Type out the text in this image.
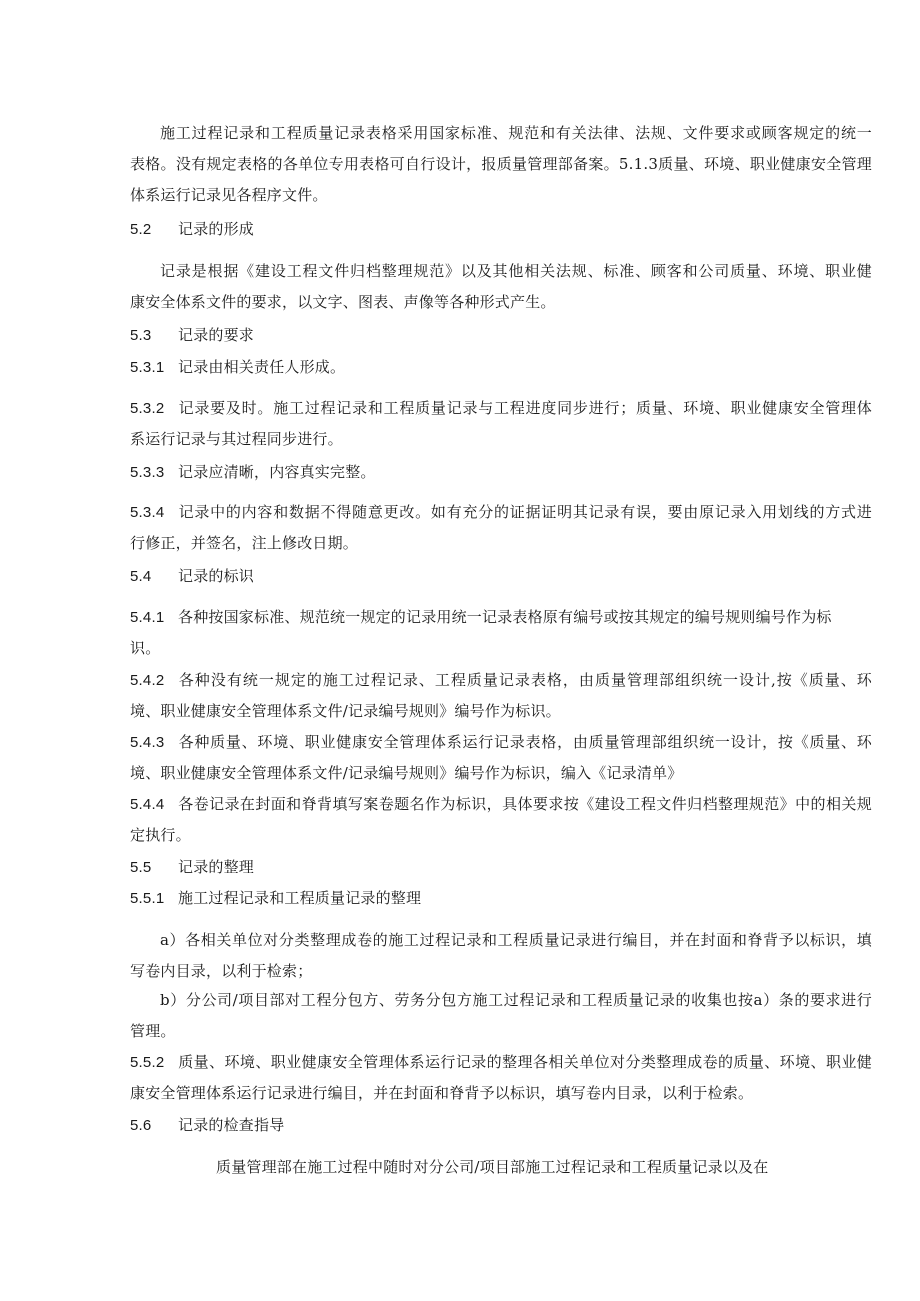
施工过程记录和工程质量记录表格采用国家标准、规范和有关法律、法规、文件要求或顾客规定的统一
表格。没有规定表格的各单位专用表格可自行设计，报质量管理部备案。5.1.3质量、环境、职业健康安全管理
体系运行记录见各程序文件。
5.2 记录的形成
记录是根据《建设工程文件归档整理规范》以及其他相关法规、标准、顾客和公司质量、环境、职业健
康安全体系文件的要求，以文字、图表、声像等各种形式产生。
5.3 记录的要求
5.3.1 记录由相关责任人形成。
5.3.2 记录要及时。施工过程记录和工程质量记录与工程进度同步进行；质量、环境、职业健康安全管理体
系运行记录与其过程同步进行。
5.3.3 记录应清晰，内容真实完整。
5.3.4 记录中的内容和数据不得随意更改。如有充分的证据证明其记录有误，要由原记录入用划线的方式进
行修正，并签名，注上修改日期。
5.4 记录的标识
5.4.1 各种按国家标准、规范统一规定的记录用统一记录表格原有编号或按其规定的编号规则编号作为标
识。
5.4.2 各种没有统一规定的施工过程记录、工程质量记录表格，由质量管理部组织统一设计,按《质量、环
境、职业健康安全管理体系文件/记录编号规则》编号作为标识。
5.4.3 各种质量、环境、职业健康安全管理体系运行记录表格，由质量管理部组织统一设计，按《质量、环
境、职业健康安全管理体系文件/记录编号规则》编号作为标识，编入《记录清单》
5.4.4 各卷记录在封面和脊背填写案卷题名作为标识，具体要求按《建设工程文件归档整理规范》中的相关规
定执行。
5.5 记录的整理
5.5.1 施工过程记录和工程质量记录的整理
a）各相关单位对分类整理成卷的施工过程记录和工程质量记录进行编目，并在封面和脊背予以标识，填
写卷内目录，以利于检索；
b）分公司/项目部对工程分包方、劳务分包方施工过程记录和工程质量记录的收集也按a）条的要求进行
管理。
5.5.2 质量、环境、职业健康安全管理体系运行记录的整理各相关单位对分类整理成卷的质量、环境、职业健
康安全管理体系运行记录进行编目，并在封面和脊背予以标识，填写卷内目录，以利于检索。
5.6 记录的检查指导
质量管理部在施工过程中随时对分公司/项目部施工过程记录和工程质量记录以及在
